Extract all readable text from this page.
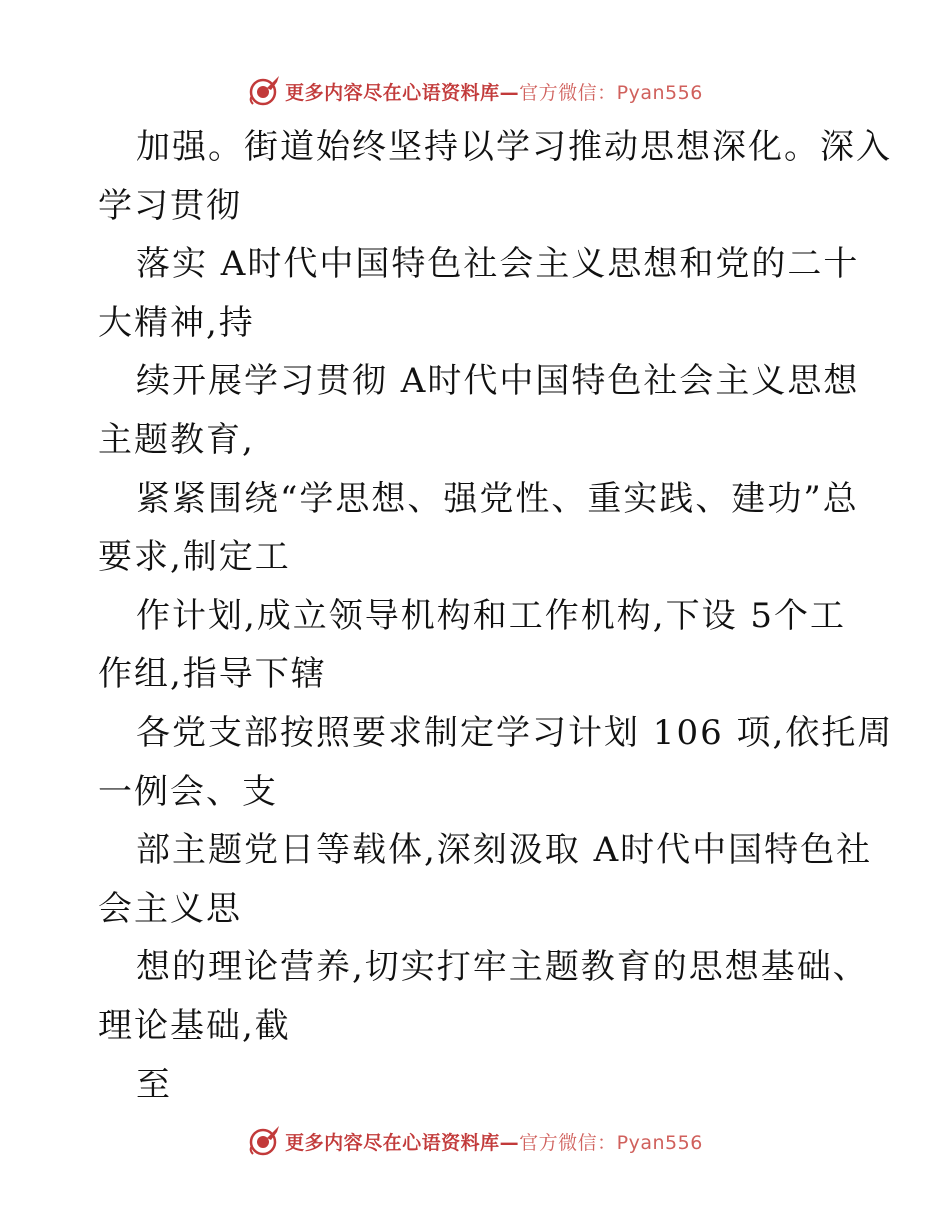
更多内容尽在心语资料库—官方微信：Pyan556
加强。街道始终坚持以学习推动思想深化。深入
学习贯彻
落实 A时代中国特色社会主义思想和党的二十
大精神,持
续开展学习贯彻 A时代中国特色社会主义思想
主题教育,
紧紧围绕“学思想、强党性、重实践、建功”总
要求,制定工
作计划,成立领导机构和工作机构,下设 5个工
作组,指导下辖
各党支部按照要求制定学习计划 106 项,依托周
一例会、支
部主题党日等载体,深刻汲取 A时代中国特色社
会主义思
想的理论营养,切实打牢主题教育的思想基础、
理论基础,截
至
更多内容尽在心语资料库—官方微信：Pyan556
